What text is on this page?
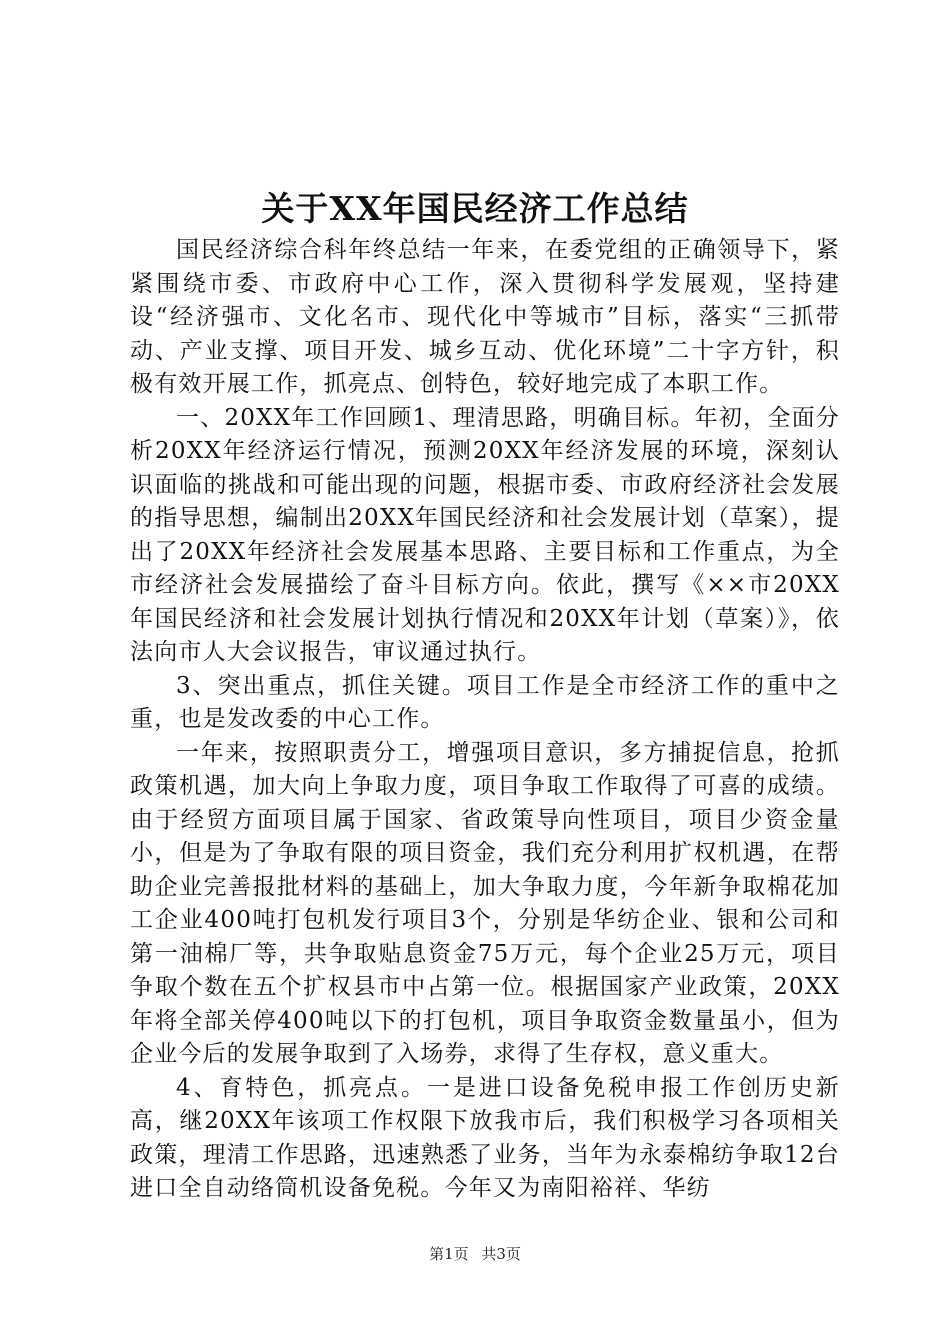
关于XX年国民经济工作总结

国民经济综合科年终总结一年来，在委党组的正确领导下，紧紧围绕市委、市政府中心工作，深入贯彻科学发展观，坚持建设“经济强市、文化名市、现代化中等城市”目标，落实“三抓带动、产业支撑、项目开发、城乡互动、优化环境”二十字方针，积极有效开展工作，抓亮点、创特色，较好地完成了本职工作。

一、20XX年工作回顾1、理清思路，明确目标。年初，全面分析20XX年经济运行情况，预测20XX年经济发展的环境，深刻认识面临的挑战和可能出现的问题，根据市委、市政府经济社会发展的指导思想，编制出20XX年国民经济和社会发展计划（草案），提出了20XX年经济社会发展基本思路、主要目标和工作重点，为全市经济社会发展描绘了奋斗目标方向。依此，撰写《××市20XX年国民经济和社会发展计划执行情况和20XX年计划（草案）》，依法向市人大会议报告，审议通过执行。

3、突出重点，抓住关键。项目工作是全市经济工作的重中之重，也是发改委的中心工作。

一年来，按照职责分工，增强项目意识，多方捕捉信息，抢抓政策机遇，加大向上争取力度，项目争取工作取得了可喜的成绩。由于经贸方面项目属于国家、省政策导向性项目，项目少资金量小，但是为了争取有限的项目资金，我们充分利用扩权机遇，在帮助企业完善报批材料的基础上，加大争取力度，今年新争取棉花加工企业400吨打包机发行项目3个，分别是华纺企业、银和公司和第一油棉厂等，共争取贴息资金75万元，每个企业25万元，项目争取个数在五个扩权县市中占第一位。根据国家产业政策，20XX年将全部关停400吨以下的打包机，项目争取资金数量虽小，但为企业今后的发展争取到了入场券，求得了生存权，意义重大。

4、育特色，抓亮点。一是进口设备免税申报工作创历史新高，继20XX年该项工作权限下放我市后，我们积极学习各项相关政策，理清工作思路，迅速熟悉了业务，当年为永泰棉纺争取12台进口全自动络筒机设备免税。今年又为南阳裕祥、华纺

第1页 共3页
